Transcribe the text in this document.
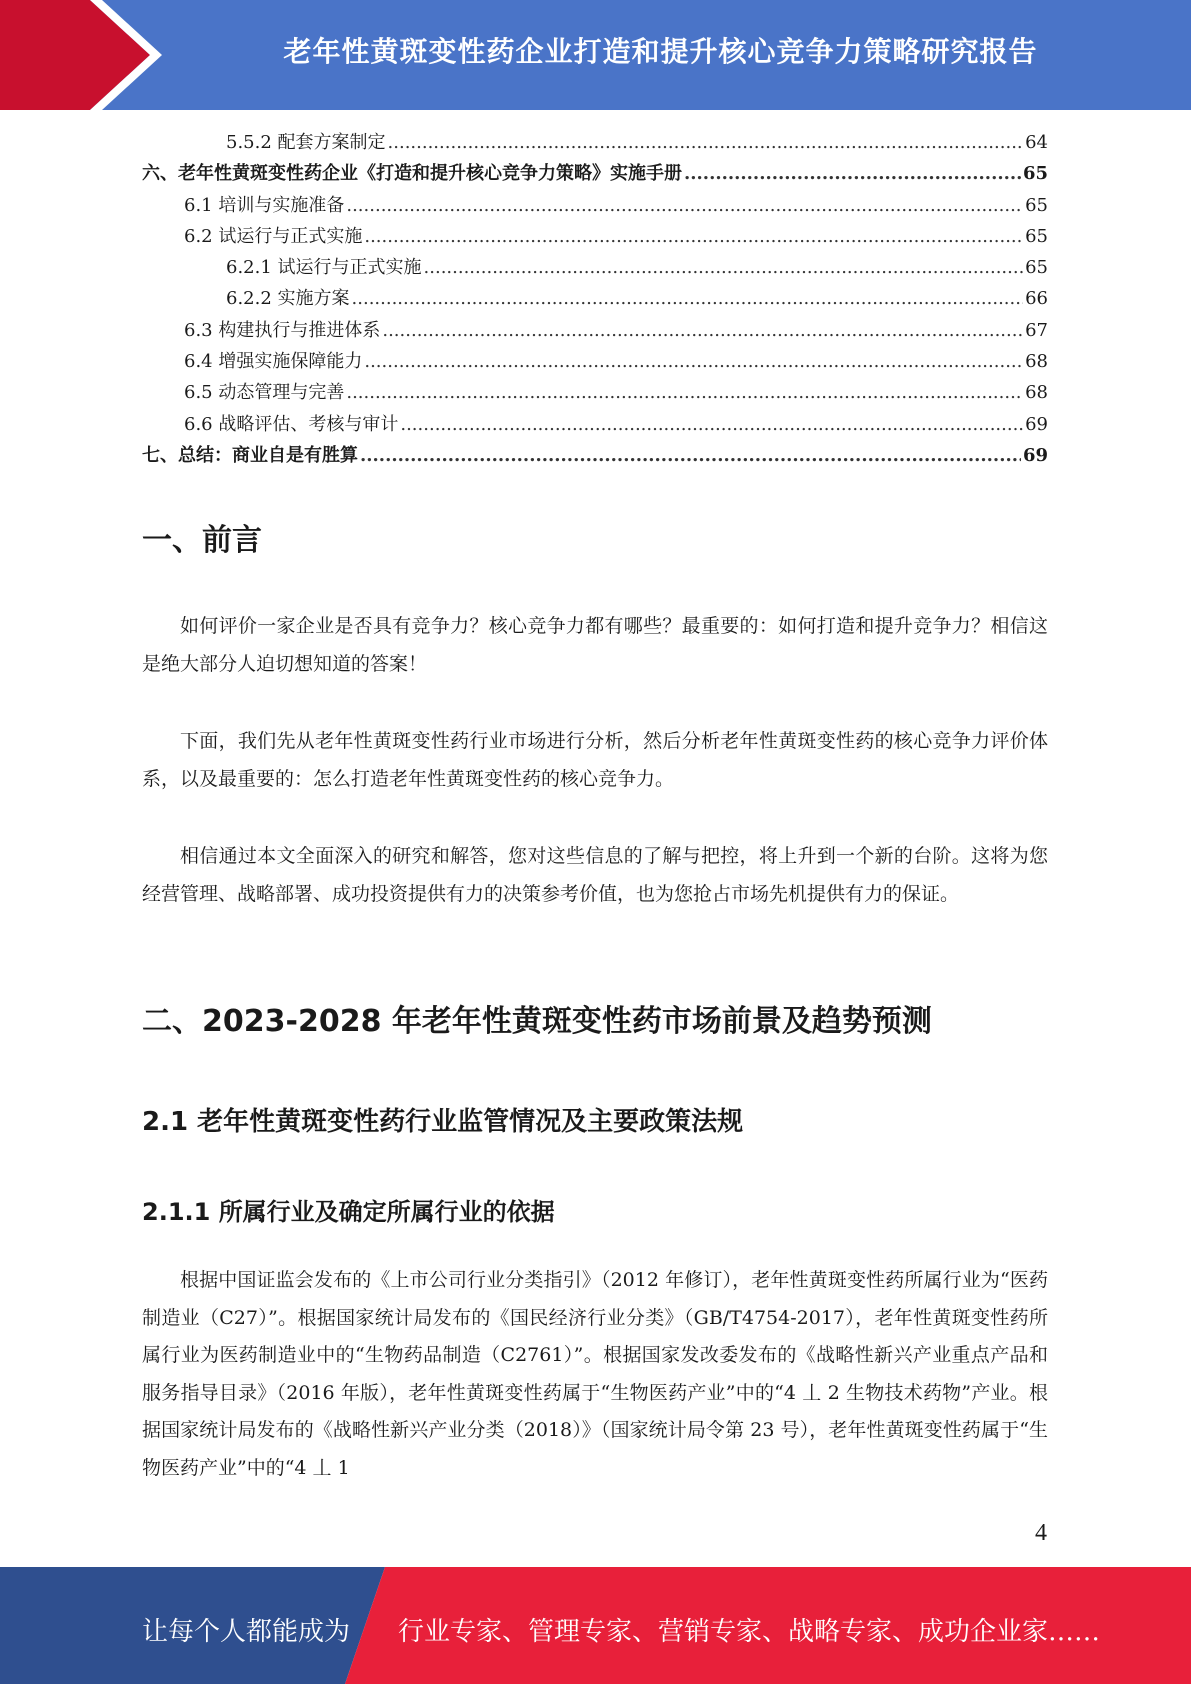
老年性黄斑变性药企业打造和提升核心竞争力策略研究报告
5.5.2 配套方案制定 .....	64
六、老年性黄斑变性药企业《打造和提升核心竞争力策略》实施手册 .....	65
6.1 培训与实施准备 .....	65
6.2 试运行与正式实施 .....	65
6.2.1 试运行与正式实施 .....	65
6.2.2 实施方案 .....	66
6.3 构建执行与推进体系 .....	67
6.4 增强实施保障能力 .....	68
6.5 动态管理与完善 .....	68
6.6 战略评估、考核与审计 .....	69
七、总结：商业自是有胜算 .....	69
一、前言

如何评价一家企业是否具有竞争力？核心竞争力都有哪些？最重要的：如何打造和提升竞争力？相信这是绝大部分人迫切想知道的答案！

下面，我们先从老年性黄斑变性药行业市场进行分析，然后分析老年性黄斑变性药的核心竞争力评价体系，以及最重要的：怎么打造老年性黄斑变性药的核心竞争力。

相信通过本文全面深入的研究和解答，您对这些信息的了解与把控，将上升到一个新的台阶。这将为您经营管理、战略部署、成功投资提供有力的决策参考价值，也为您抢占市场先机提供有力的保证。

二、2023-2028 年老年性黄斑变性药市场前景及趋势预测
2.1 老年性黄斑变性药行业监管情况及主要政策法规
2.1.1 所属行业及确定所属行业的依据

根据中国证监会发布的《上市公司行业分类指引》（2012 年修订），老年性黄斑变性药所属行业为“医药制造业（C27）”。根据国家统计局发布的《国民经济行业分类》（GB/T4754-2017），老年性黄斑变性药所属行业为医药制造业中的“生物药品制造（C2761）”。根据国家发改委发布的《战略性新兴产业重点产品和服务指导目录》（2016 年版），老年性黄斑变性药属于“生物医药产业”中的“4 丄 2 生物技术药物”产业。根据国家统计局发布的《战略性新兴产业分类（2018）》（国家统计局令第 23 号），老年性黄斑变性药属于“生物医药产业”中的“4 丄 1

4
让每个人都能成为 行业专家、管理专家、营销专家、战略专家、成功企业家……
